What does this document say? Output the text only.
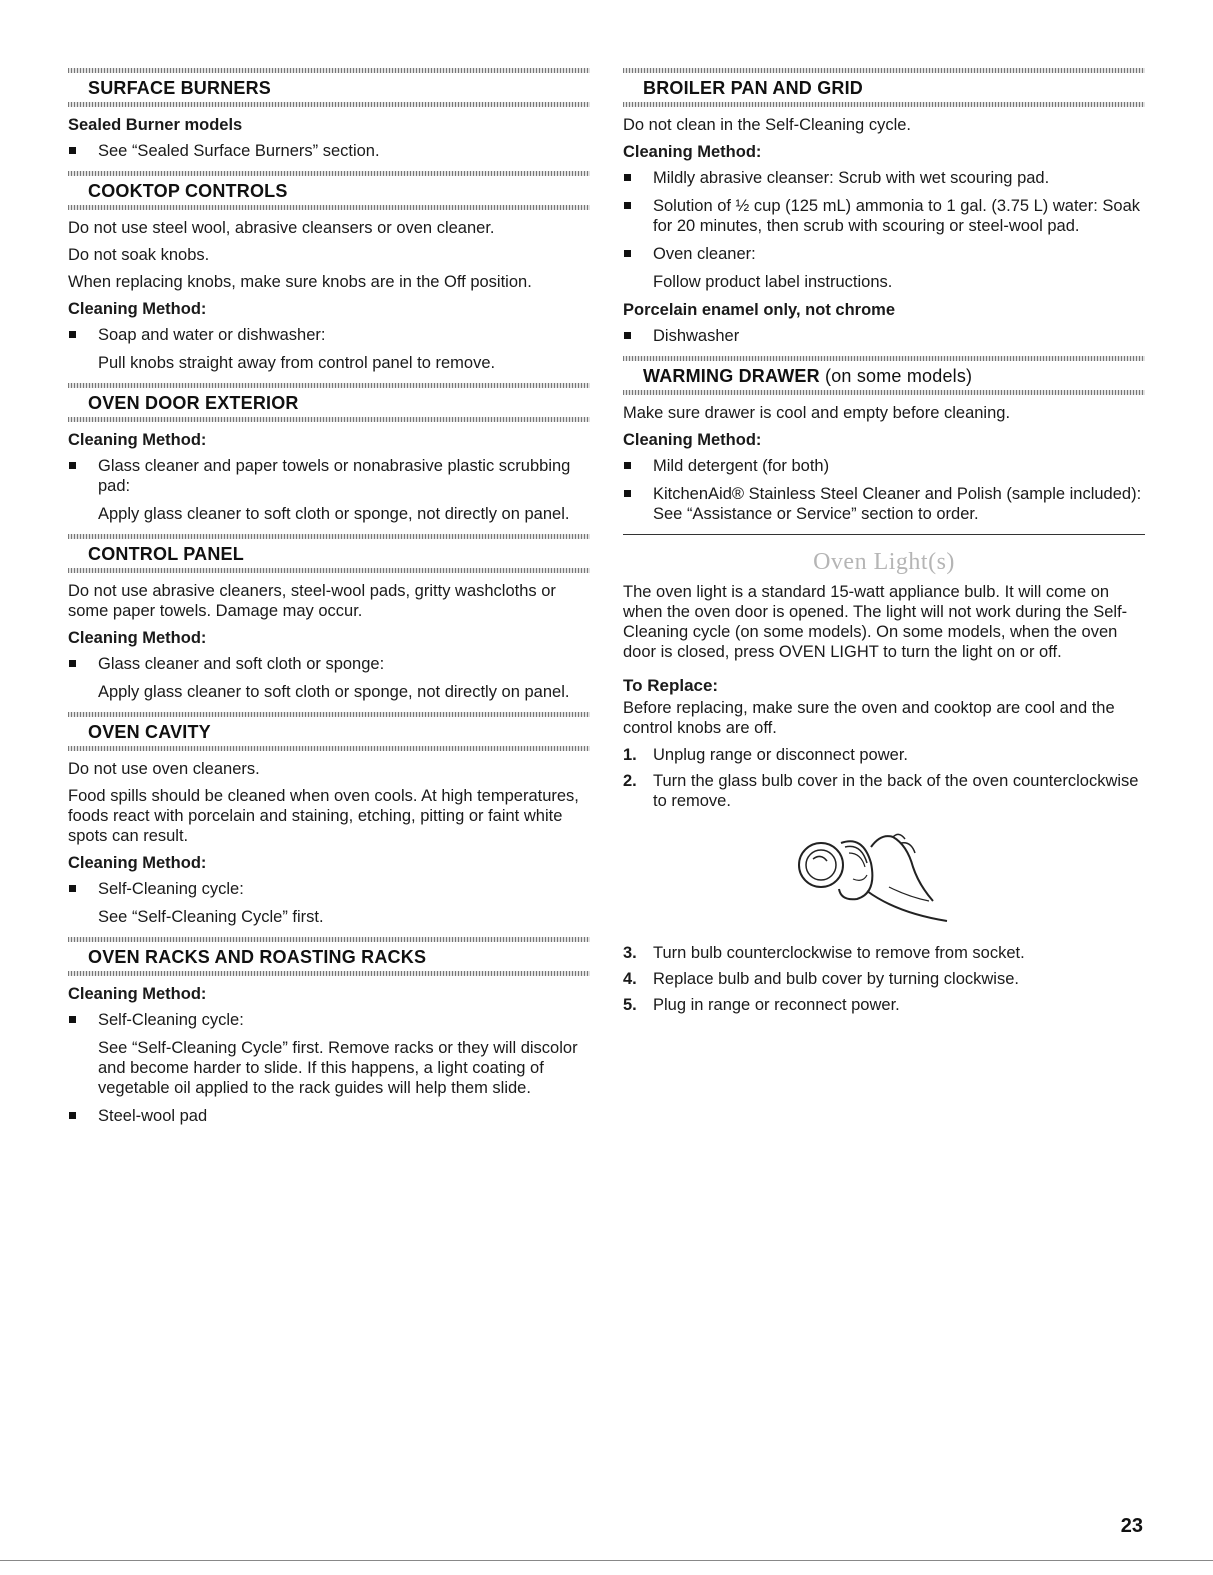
SURFACE BURNERS
Sealed Burner models
See “Sealed Surface Burners” section.
COOKTOP CONTROLS

Do not use steel wool, abrasive cleansers or oven cleaner.

Do not soak knobs.

When replacing knobs, make sure knobs are in the Off position.

Cleaning Method:
Soap and water or dishwasher:
Pull knobs straight away from control panel to remove.
OVEN DOOR EXTERIOR
Cleaning Method:
Glass cleaner and paper towels or nonabrasive plastic scrubbing pad:
Apply glass cleaner to soft cloth or sponge, not directly on panel.
CONTROL PANEL

Do not use abrasive cleaners, steel-wool pads, gritty washcloths or some paper towels. Damage may occur.

Cleaning Method:
Glass cleaner and soft cloth or sponge:
Apply glass cleaner to soft cloth or sponge, not directly on panel.
OVEN CAVITY

Do not use oven cleaners.

Food spills should be cleaned when oven cools. At high temperatures, foods react with porcelain and staining, etching, pitting or faint white spots can result.

Cleaning Method:
Self-Cleaning cycle:
See “Self-Cleaning Cycle” first.
OVEN RACKS AND ROASTING RACKS
Cleaning Method:
Self-Cleaning cycle:
See “Self-Cleaning Cycle” first. Remove racks or they will discolor and become harder to slide. If this happens, a light coating of vegetable oil applied to the rack guides will help them slide.
Steel-wool pad
BROILER PAN AND GRID

Do not clean in the Self-Cleaning cycle.

Cleaning Method:
Mildly abrasive cleanser: Scrub with wet scouring pad.
Solution of ½ cup (125 mL) ammonia to 1 gal. (3.75 L) water: Soak for 20 minutes, then scrub with scouring or steel-wool pad.
Oven cleaner:
Follow product label instructions.
Porcelain enamel only, not chrome
Dishwasher
WARMING DRAWER (on some models)

Make sure drawer is cool and empty before cleaning.

Cleaning Method:
Mild detergent (for both)
KitchenAid® Stainless Steel Cleaner and Polish (sample included):
See “Assistance or Service” section to order.
Oven Light(s)

The oven light is a standard 15-watt appliance bulb. It will come on when the oven door is opened. The light will not work during the Self-Cleaning cycle (on some models). On some models, when the oven door is closed, press OVEN LIGHT to turn the light on or off.

To Replace:

Before replacing, make sure the oven and cooktop are cool and the control knobs are off.

1. Unplug range or disconnect power.
2. Turn the glass bulb cover in the back of the oven counterclockwise to remove.
3. Turn bulb counterclockwise to remove from socket.
4. Replace bulb and bulb cover by turning clockwise.
5. Plug in range or reconnect power.
23
